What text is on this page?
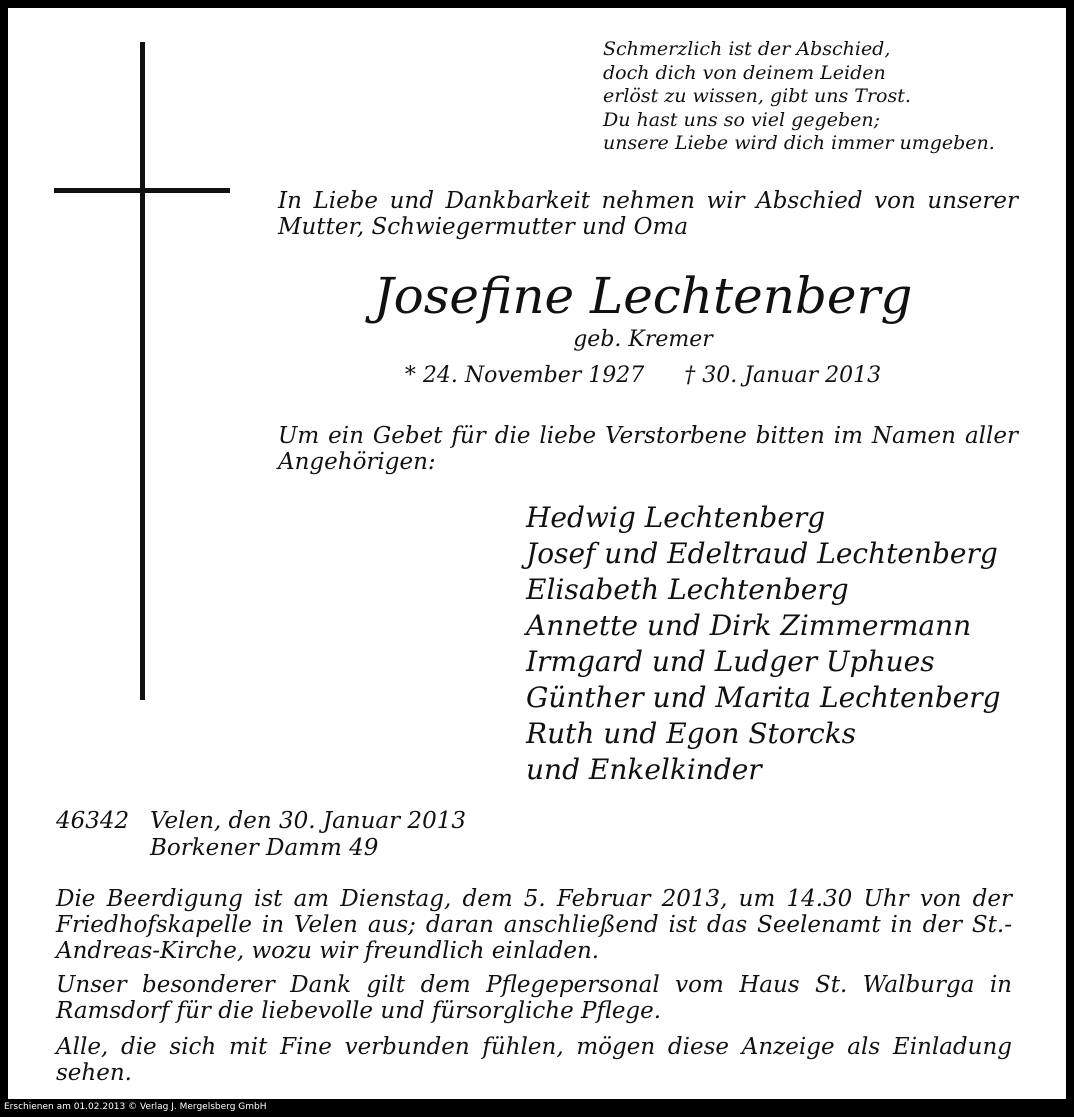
Schmerzlich ist der Abschied,
doch dich von deinem Leiden
erlöst zu wissen, gibt uns Trost.
Du hast uns so viel gegeben;
unsere Liebe wird dich immer umgeben.
In Liebe und Dankbarkeit nehmen wir Abschied von unserer Mutter, Schwiegermutter und Oma
Josefine Lechtenberg
geb. Kremer
* 24. November 1927 † 30. Januar 2013
Um ein Gebet für die liebe Verstorbene bitten im Namen aller Angehörigen:
Hedwig Lechtenberg
Josef und Edeltraud Lechtenberg
Elisabeth Lechtenberg
Annette und Dirk Zimmermann
Irmgard und Ludger Uphues
Günther und Marita Lechtenberg
Ruth und Egon Storcks
und Enkelkinder
46342 Velen, den 30. Januar 2013
Borkener Damm 49
Die Beerdigung ist am Dienstag, dem 5. Februar 2013, um 14.30 Uhr von der Friedhofskapelle in Velen aus; daran anschließend ist das Seelenamt in der St.-Andreas-Kirche, wozu wir freundlich einladen.
Unser besonderer Dank gilt dem Pflegepersonal vom Haus St. Walburga in Ramsdorf für die liebevolle und fürsorgliche Pflege.
Alle, die sich mit Fine verbunden fühlen, mögen diese Anzeige als Einladung sehen.
Erschienen am 01.02.2013 © Verlag J. Mergelsberg GmbH
